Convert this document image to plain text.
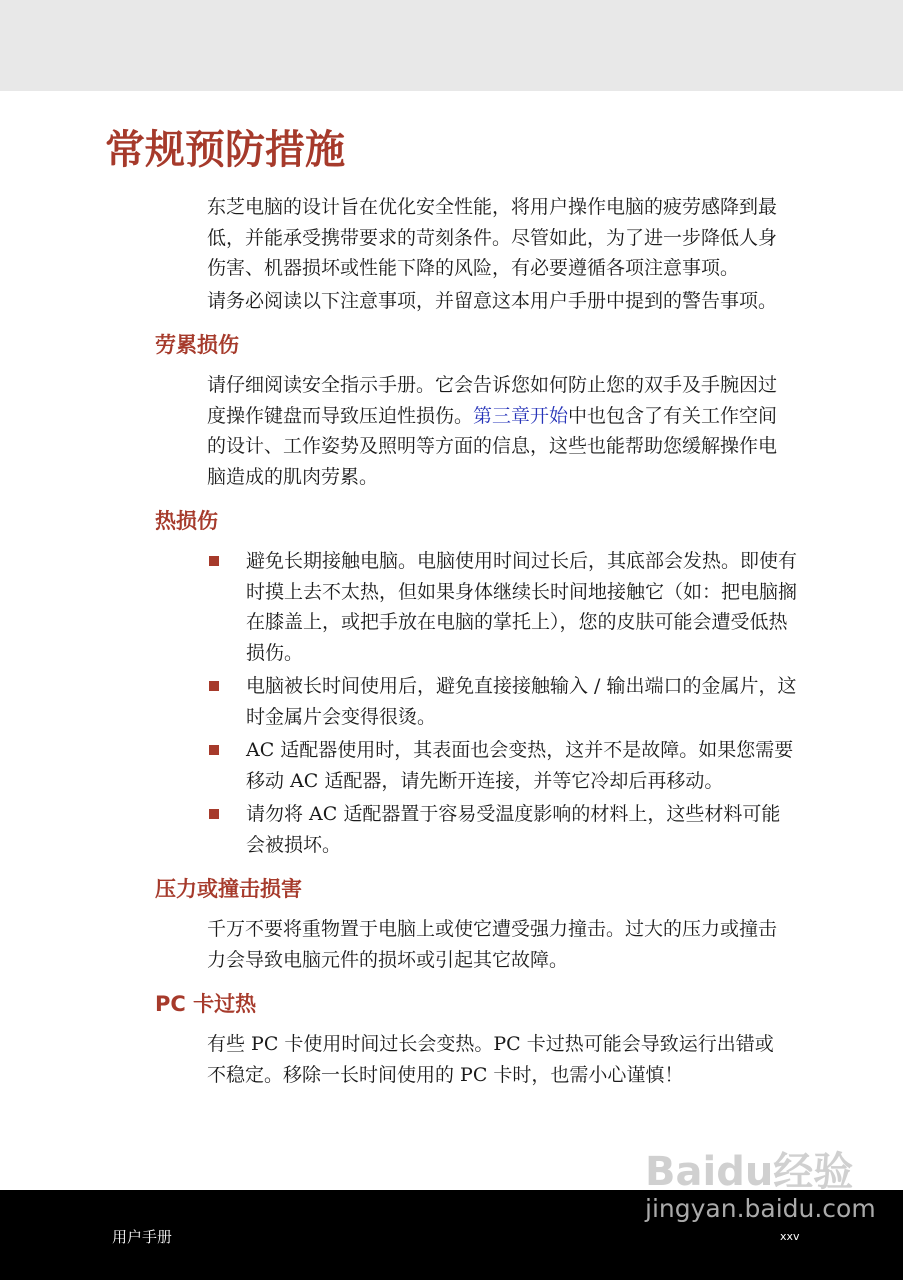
常规预防措施

东芝电脑的设计旨在优化安全性能，将用户操作电脑的疲劳感降到最低，并能承受携带要求的苛刻条件。尽管如此，为了进一步降低人身伤害、机器损坏或性能下降的风险，有必要遵循各项注意事项。

请务必阅读以下注意事项，并留意这本用户手册中提到的警告事项。

劳累损伤

请仔细阅读安全指示手册。它会告诉您如何防止您的双手及手腕因过度操作键盘而导致压迫性损伤。第三章开始中也包含了有关工作空间的设计、工作姿势及照明等方面的信息，这些也能帮助您缓解操作电脑造成的肌肉劳累。

热损伤
避免长期接触电脑。电脑使用时间过长后，其底部会发热。即使有时摸上去不太热，但如果身体继续长时间地接触它（如：把电脑搁在膝盖上，或把手放在电脑的掌托上），您的皮肤可能会遭受低热损伤。
电脑被长时间使用后，避免直接接触输入 / 输出端口的金属片，这时金属片会变得很烫。
AC 适配器使用时，其表面也会变热，这并不是故障。如果您需要移动 AC 适配器，请先断开连接，并等它冷却后再移动。
请勿将 AC 适配器置于容易受温度影响的材料上，这些材料可能会被损坏。
压力或撞击损害

千万不要将重物置于电脑上或使它遭受强力撞击。过大的压力或撞击力会导致电脑元件的损坏或引起其它故障。

PC 卡过热

有些 PC 卡使用时间过长会变热。PC 卡过热可能会导致运行出错或不稳定。移除一长时间使用的 PC 卡时，也需小心谨慎！

用户手册	xxv
Baidu经验
jingyan.baidu.com
